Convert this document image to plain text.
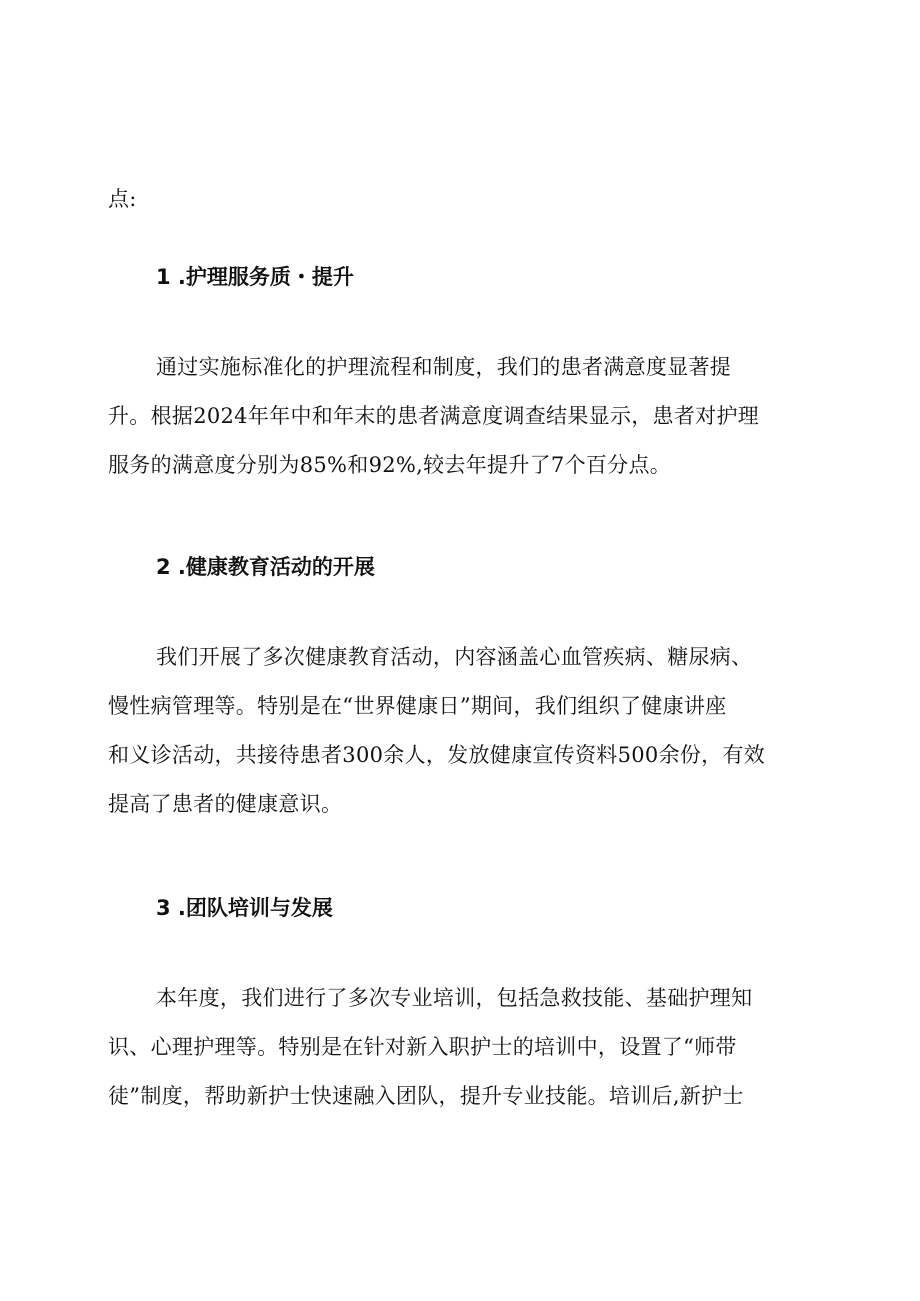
点:
1 .护理服务质・提升
通过实施标准化的护理流程和制度，我们的患者满意度显著提
升。根据2024年年中和年末的患者满意度调查结果显示，患者对护理
服务的满意度分别为85%和92%,较去年提升了7个百分点。
2 .健康教育活动的开展
我们开展了多次健康教育活动，内容涵盖心血管疾病、糖尿病、
慢性病管理等。特别是在“世界健康日”期间，我们组织了健康讲座
和义诊活动，共接待患者300余人，发放健康宣传资料500余份，有效
提高了患者的健康意识。
3 .团队培训与发展
本年度，我们进行了多次专业培训，包括急救技能、基础护理知
识、心理护理等。特别是在针对新入职护士的培训中，设置了“师带
徒”制度，帮助新护士快速融入团队，提升专业技能。培训后,新护士
